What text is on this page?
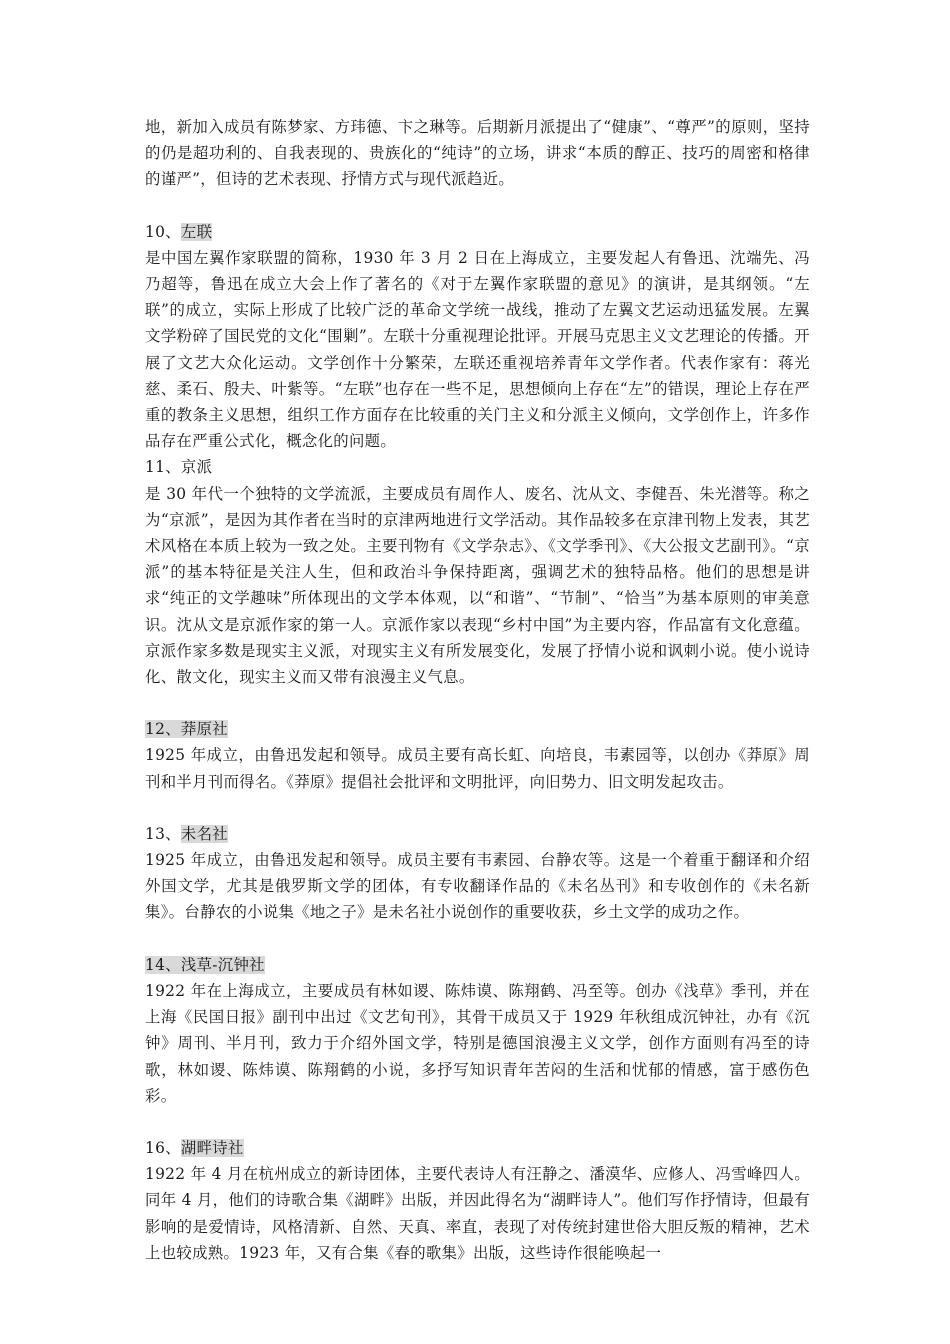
地，新加入成员有陈梦家、方玮德、卞之琳等。后期新月派提出了“健康”、“尊严”的原则，坚持的仍是超功利的、自我表现的、贵族化的“纯诗”的立场，讲求“本质的醇正、技巧的周密和格律的谨严”，但诗的艺术表现、抒情方式与现代派趋近。

10、左联

是中国左翼作家联盟的简称，1930 年 3 月 2 日在上海成立，主要发起人有鲁迅、沈端先、冯乃超等，鲁迅在成立大会上作了著名的《对于左翼作家联盟的意见》的演讲，是其纲领。“左联”的成立，实际上形成了比较广泛的革命文学统一战线，推动了左翼文艺运动迅猛发展。左翼文学粉碎了国民党的文化“围剿”。左联十分重视理论批评。开展马克思主义文艺理论的传播。开展了文艺大众化运动。文学创作十分繁荣，左联还重视培养青年文学作者。代表作家有：蒋光慈、柔石、殷夫、叶紫等。“左联”也存在一些不足，思想倾向上存在“左”的错误，理论上存在严重的教条主义思想，组织工作方面存在比较重的关门主义和分派主义倾向，文学创作上，许多作品存在严重公式化，概念化的问题。

11、京派

是 30 年代一个独特的文学流派，主要成员有周作人、废名、沈从文、李健吾、朱光潜等。称之为“京派”，是因为其作者在当时的京津两地进行文学活动。其作品较多在京津刊物上发表，其艺术风格在本质上较为一致之处。主要刊物有《文学杂志》、《文学季刊》、《大公报文艺副刊》。“京派”的基本特征是关注人生，但和政治斗争保持距离，强调艺术的独特品格。他们的思想是讲求“纯正的文学趣味”所体现出的文学本体观，以“和谐”、“节制”、“恰当”为基本原则的审美意识。沈从文是京派作家的第一人。京派作家以表现“乡村中国”为主要内容，作品富有文化意蕴。京派作家多数是现实主义派，对现实主义有所发展变化，发展了抒情小说和讽刺小说。使小说诗化、散文化，现实主义而又带有浪漫主义气息。

12、莽原社

1925 年成立，由鲁迅发起和领导。成员主要有高长虹、向培良，韦素园等，以创办《莽原》周刊和半月刊而得名。《莽原》提倡社会批评和文明批评，向旧势力、旧文明发起攻击。

13、未名社

1925 年成立，由鲁迅发起和领导。成员主要有韦素园、台静农等。这是一个着重于翻译和介绍外国文学，尤其是俄罗斯文学的团体，有专收翻译作品的《未名丛刊》和专收创作的《未名新集》。台静农的小说集《地之子》是未名社小说创作的重要收获，乡土文学的成功之作。

14、浅草-沉钟社

1922 年在上海成立，主要成员有林如谡、陈炜谟、陈翔鹤、冯至等。创办《浅草》季刊，并在上海《民国日报》副刊中出过《文艺旬刊》，其骨干成员又于 1929 年秋组成沉钟社，办有《沉钟》周刊、半月刊，致力于介绍外国文学，特别是德国浪漫主义文学，创作方面则有冯至的诗歌，林如谡、陈炜谟、陈翔鹤的小说，多抒写知识青年苦闷的生活和忧郁的情感，富于感伤色彩。

16、湖畔诗社

1922 年 4 月在杭州成立的新诗团体，主要代表诗人有汪静之、潘漠华、应修人、冯雪峰四人。同年 4 月，他们的诗歌合集《湖畔》出版，并因此得名为“湖畔诗人”。他们写作抒情诗，但最有影响的是爱情诗，风格清新、自然、天真、率直，表现了对传统封建世俗大胆反叛的精神，艺术上也较成熟。1923 年，又有合集《春的歌集》出版，这些诗作很能唤起一
